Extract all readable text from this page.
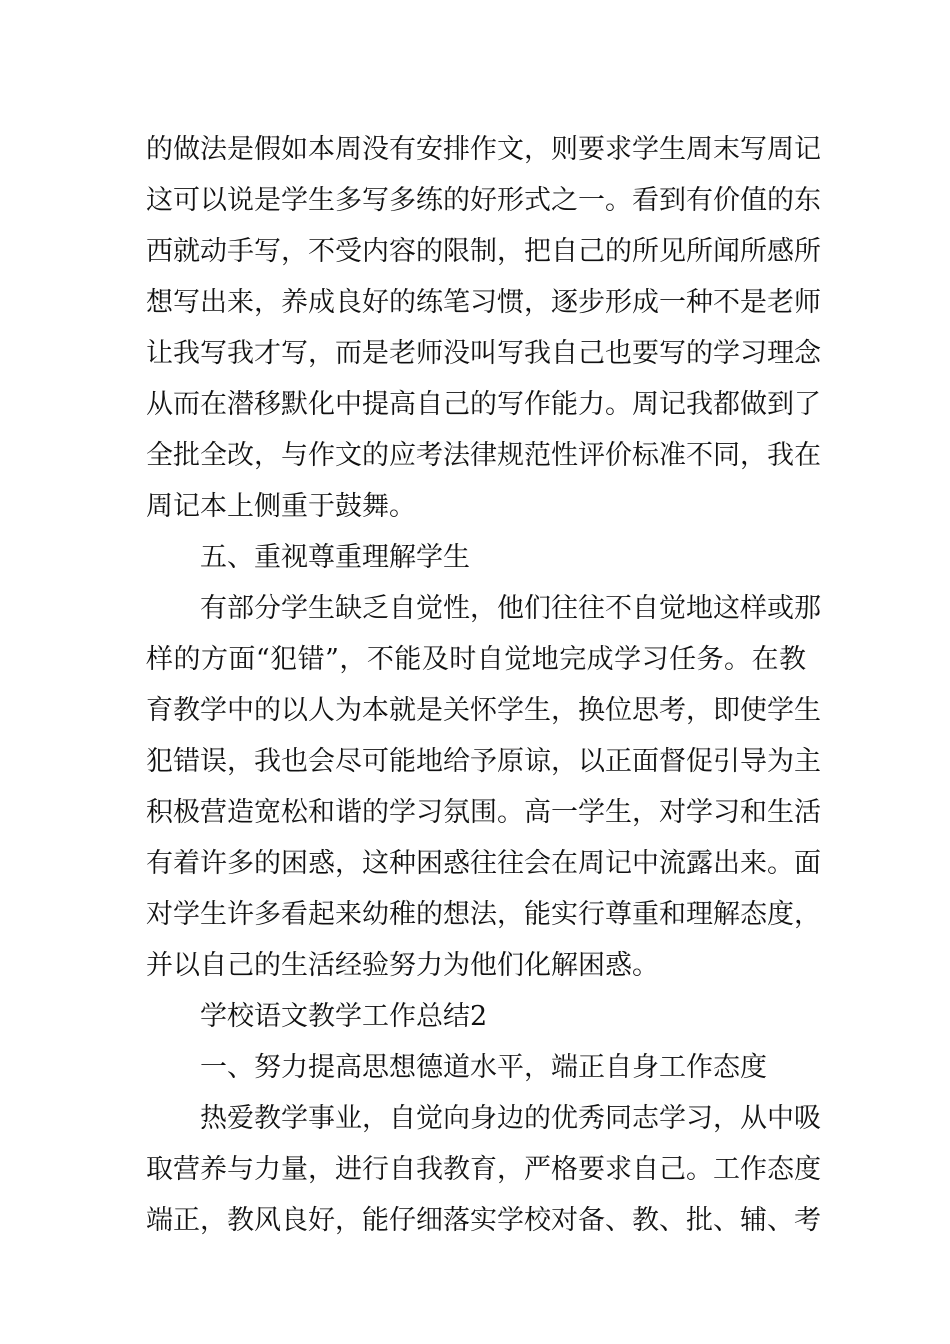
的做法是假如本周没有安排作文，则要求学生周末写周记
这可以说是学生多写多练的好形式之一。看到有价值的东
西就动手写，不受内容的限制，把自己的所见所闻所感所
想写出来，养成良好的练笔习惯，逐步形成一种不是老师
让我写我才写，而是老师没叫写我自己也要写的学习理念
从而在潜移默化中提高自己的写作能力。周记我都做到了
全批全改，与作文的应考法律规范性评价标准不同，我在
周记本上侧重于鼓舞。
五、重视尊重理解学生
有部分学生缺乏自觉性，他们往往不自觉地这样或那
样的方面“犯错”，不能及时自觉地完成学习任务。在教
育教学中的以人为本就是关怀学生，换位思考，即使学生
犯错误，我也会尽可能地给予原谅，以正面督促引导为主
积极营造宽松和谐的学习氛围。高一学生，对学习和生活
有着许多的困惑，这种困惑往往会在周记中流露出来。面
对学生许多看起来幼稚的想法，能实行尊重和理解态度，
并以自己的生活经验努力为他们化解困惑。
学校语文教学工作总结2
一、努力提高思想德道水平，端正自身工作态度
热爱教学事业，自觉向身边的优秀同志学习，从中吸
取营养与力量，进行自我教育，严格要求自己。工作态度
端正，教风良好，能仔细落实学校对备、教、批、辅、考
